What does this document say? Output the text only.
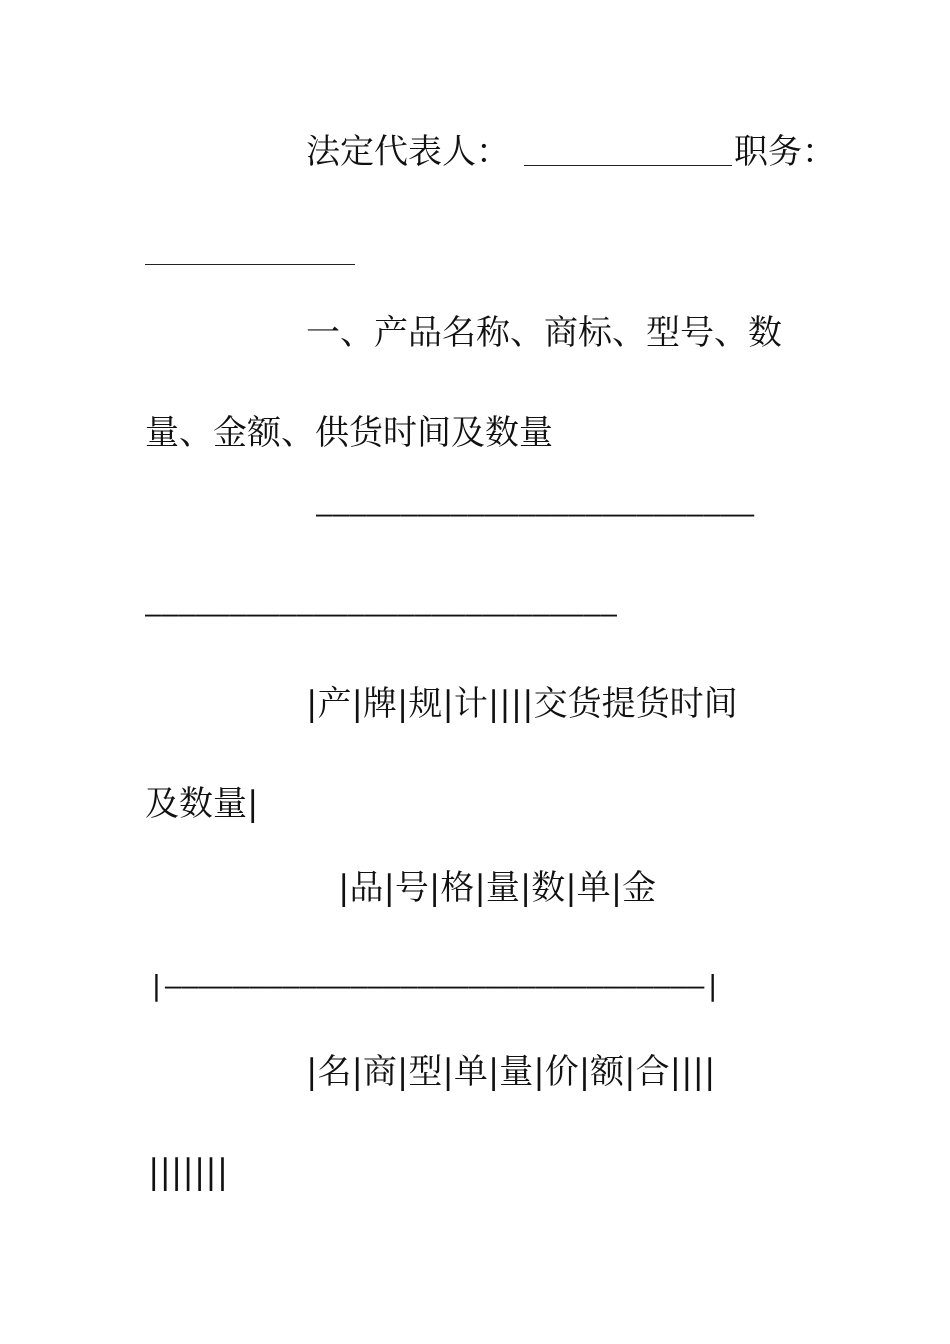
法定代表人：	职务：
一、产品名称、商标、型号、数
量、金额、供货时间及数量
——————————————————————————
————————————————————————————
|产|牌|规|计||||交货提货时间
及数量|
|品|号|格|量|数|单|金
|————————————————————————————————|
|名|商|型|单|量|价|额|合||||
|||||||
